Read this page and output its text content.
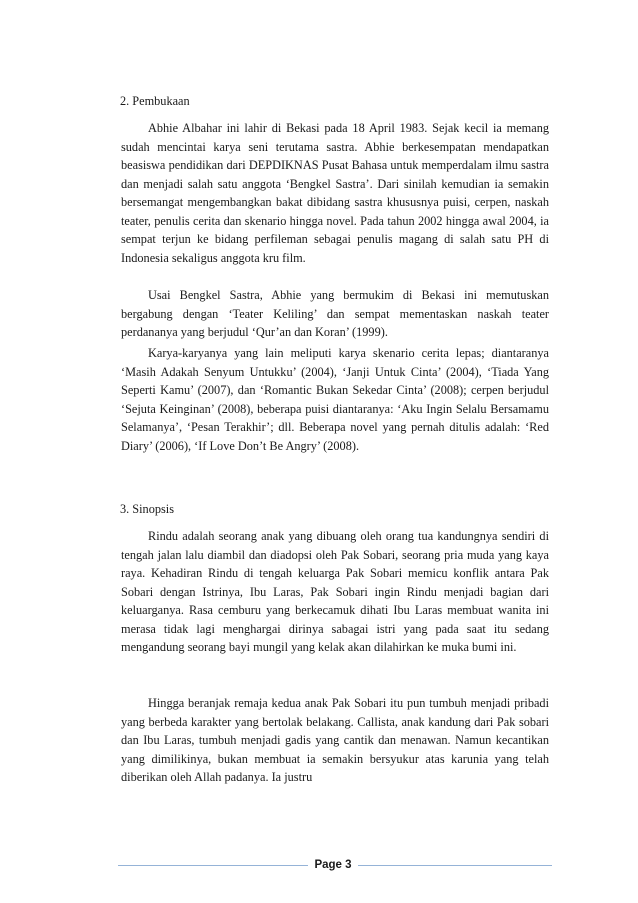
2. Pembukaan

Abhie Albahar ini lahir di Bekasi pada 18 April 1983. Sejak kecil ia memang sudah mencintai karya seni terutama sastra. Abhie berkesempatan mendapatkan beasiswa pendidikan dari DEPDIKNAS Pusat Bahasa untuk memperdalam ilmu sastra dan menjadi salah satu anggota ‘Bengkel Sastra’. Dari sinilah kemudian ia semakin bersemangat mengembangkan bakat dibidang sastra khususnya puisi, cerpen, naskah teater, penulis cerita dan skenario hingga novel. Pada tahun 2002 hingga awal 2004, ia sempat terjun ke bidang perfileman sebagai penulis magang di salah satu PH di Indonesia sekaligus anggota kru film.

Usai Bengkel Sastra, Abhie yang bermukim di Bekasi ini memutuskan bergabung dengan ‘Teater Keliling’ dan sempat mementaskan naskah teater perdananya yang berjudul ‘Qur’an dan Koran’ (1999).

Karya-karyanya yang lain meliputi karya skenario cerita lepas; diantaranya ‘Masih Adakah Senyum Untukku’ (2004), ‘Janji Untuk Cinta’ (2004), ‘Tiada Yang Seperti Kamu’ (2007), dan ‘Romantic Bukan Sekedar Cinta’ (2008); cerpen berjudul ‘Sejuta Keinginan’ (2008), beberapa puisi diantaranya: ‘Aku Ingin Selalu Bersamamu Selamanya’, ‘Pesan Terakhir’; dll. Beberapa novel yang pernah ditulis adalah: ‘Red Diary’ (2006), ‘If Love Don’t Be Angry’ (2008).

3. Sinopsis

Rindu adalah seorang anak yang dibuang oleh orang tua kandungnya sendiri di tengah jalan lalu diambil dan diadopsi oleh Pak Sobari, seorang pria muda yang kaya raya. Kehadiran Rindu di tengah keluarga Pak Sobari memicu konflik antara Pak Sobari dengan Istrinya, Ibu Laras, Pak Sobari ingin Rindu menjadi bagian dari keluarganya. Rasa cemburu yang berkecamuk dihati Ibu Laras membuat wanita ini merasa tidak lagi menghargai dirinya sabagai istri yang pada saat itu sedang mengandung seorang bayi mungil yang kelak akan dilahirkan ke muka bumi ini.

Hingga beranjak remaja kedua anak Pak Sobari itu pun tumbuh menjadi pribadi yang berbeda karakter yang bertolak belakang. Callista, anak kandung dari Pak sobari dan Ibu Laras, tumbuh menjadi gadis yang cantik dan menawan. Namun kecantikan yang dimilikinya, bukan membuat ia semakin bersyukur atas karunia yang telah diberikan oleh Allah padanya. Ia justru

Page 3
